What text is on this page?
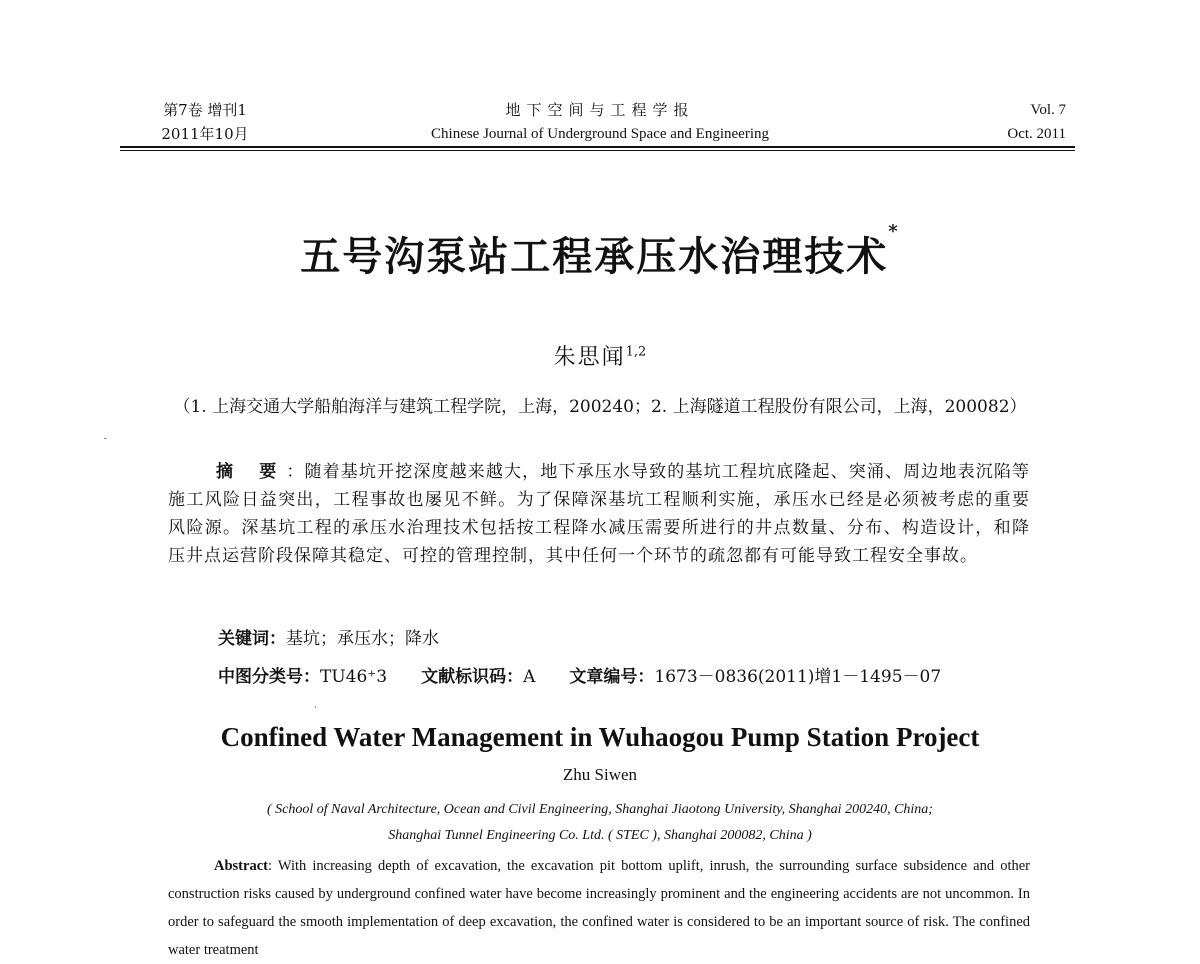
第7卷 增刊1
2011年10月
地下空间与工程学报
Chinese Journal of Underground Space and Engineering
Vol. 7
Oct. 2011
五号沟泵站工程承压水治理技术*
朱思闻$^{1,2}$
（1. 上海交通大学船舶海洋与建筑工程学院，上海，200240；2. 上海隧道工程股份有限公司，上海，200082）
摘 要：随着基坑开挖深度越来越大，地下承压水导致的基坑工程坑底隆起、突涌、周边地表沉陷等施工风险日益突出，工程事故也屡见不鲜。为了保障深基坑工程顺利实施，承压水已经是必须被考虑的重要风险源。深基坑工程的承压水治理技术包括按工程降水减压需要所进行的井点数量、分布、构造设计，和降压井点运营阶段保障其稳定、可控的管理控制，其中任何一个环节的疏忽都有可能导致工程安全事故。
关键词：基坑；承压水；降水
中图分类号：TU46⁺3 文献标识码：A 文章编号：1673－0836(2011)增1－1495－07
Confined Water Management in Wuhaogou Pump Station Project
Zhu Siwen
( School of Naval Architecture, Ocean and Civil Engineering, Shanghai Jiaotong University, Shanghai 200240, China;
Shanghai Tunnel Engineering Co. Ltd. ( STEC ), Shanghai 200082, China )
Abstract: With increasing depth of excavation, the excavation pit bottom uplift, inrush, the surrounding surface subsidence and other construction risks caused by underground confined water have become increasingly prominent and the engineering accidents are not uncommon. In order to safeguard the smooth implementation of deep excavation, the confined water is considered to be an important source of risk. The confined water treatment
